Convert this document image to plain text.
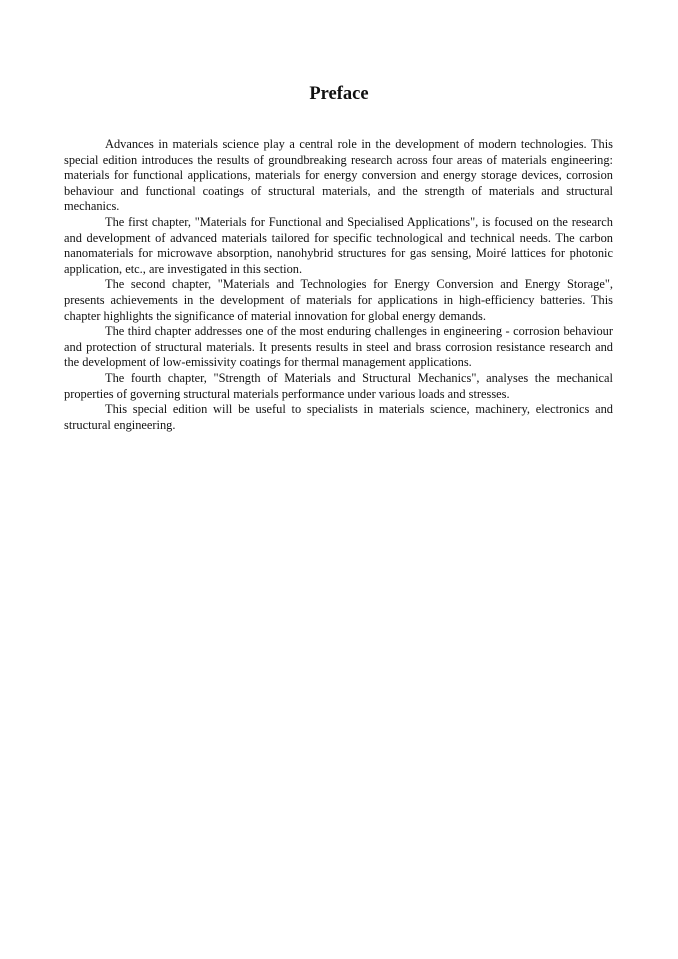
Preface

Advances in materials science play a central role in the development of modern technologies. This special edition introduces the results of groundbreaking research across four areas of materials engineering: materials for functional applications, materials for energy conversion and energy storage devices, corrosion behaviour and functional coatings of structural materials, and the strength of materials and structural mechanics.

The first chapter, "Materials for Functional and Specialised Applications", is focused on the research and development of advanced materials tailored for specific technological and technical needs. The carbon nanomaterials for microwave absorption, nanohybrid structures for gas sensing, Moiré lattices for photonic application, etc., are investigated in this section.

The second chapter, "Materials and Technologies for Energy Conversion and Energy Storage", presents achievements in the development of materials for applications in high-efficiency batteries. This chapter highlights the significance of material innovation for global energy demands.

The third chapter addresses one of the most enduring challenges in engineering - corrosion behaviour and protection of structural materials. It presents results in steel and brass corrosion resistance research and the development of low-emissivity coatings for thermal management applications.

The fourth chapter, "Strength of Materials and Structural Mechanics", analyses the mechanical properties of governing structural materials performance under various loads and stresses.

This special edition will be useful to specialists in materials science, machinery, electronics and structural engineering.
